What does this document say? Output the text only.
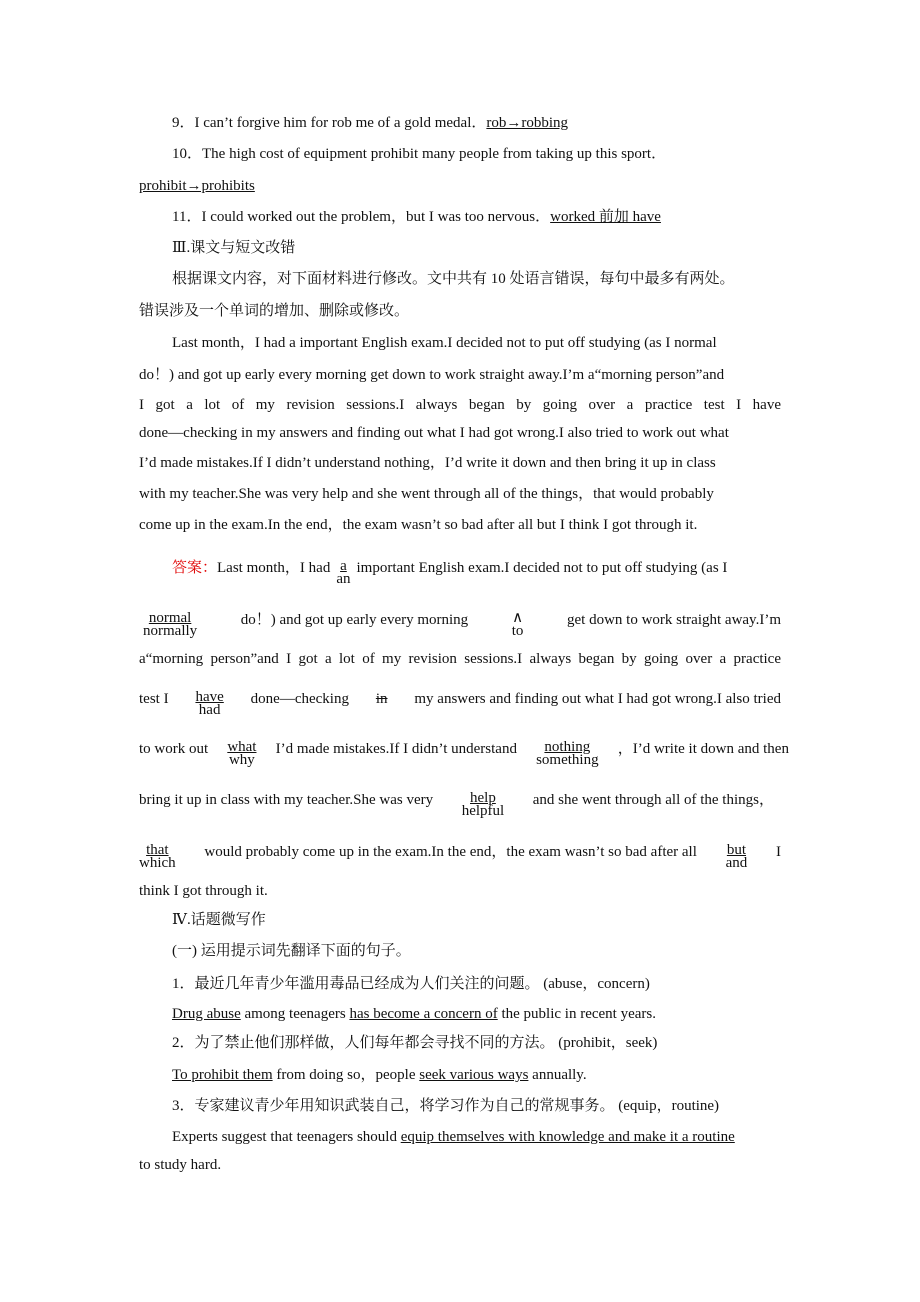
9．I can’t forgive him for rob me of a gold medal．rob→robbing
10．The high cost of equipment prohibit many people from taking up this sport．
prohibit→prohibits
11．I could worked out the problem，but I was too nervous．worked 前加 have
Ⅲ.课文与短文改错
根据课文内容，对下面材料进行修改。文中共有 10 处语言错误，每句中最多有两处。
错误涉及一个单词的增加、删除或修改。
Last month，I had a important English exam.I decided not to put off studying (as I normal
do！) and got up early every morning get down to work straight away.I’m a“morning person”and
I got a lot of my revision sessions.I always began by going over a practice test I have
done—checking in my answers and finding out what I had got wrong.I also tried to work out what
I’d made mistakes.If I didn’t understand nothing，I’d write it down and then bring it up in class
with my teacher.She was very help and she went through all of the things，that would probably
come up in the exam.In the end，the exam wasn’t so bad after all but I think I got through it.
答案：Last month，I had $\frac{a}{an}$ important English exam.I decided not to put off studying (as I
normal
normally
do！) and got up early every morning	∧
to
get down to work straight away.I’m
a“morning person”and I got a lot of my revision sessions.I always began by going over a practice
test I have
had
done—checking in my answers and finding out what I had got wrong.I also tried
to work out what
why
I’d made mistakes.If I didn’t understand nothing
something
，I’d write it down and then
bring it up in class with my teacher.She was very help
helpful
and she went through all of the things，
that
which
would probably come up in the exam.In the end，the exam wasn’t so bad after all but
and
I
think I got through it.
Ⅳ.话题微写作
(一) 运用提示词先翻译下面的句子。
1．最近几年青少年滥用毒品已经成为人们关注的问题。 (abuse，concern)
Drug abuse among teenagers has become a concern of the public in recent years.
2．为了禁止他们那样做，人们每年都会寻找不同的方法。 (prohibit，seek)
To prohibit them from doing so，people seek various ways annually.
3．专家建议青少年用知识武装自己，将学习作为自己的常规事务。 (equip，routine)
Experts suggest that teenagers should equip themselves with knowledge and make it a routine
to study hard.
